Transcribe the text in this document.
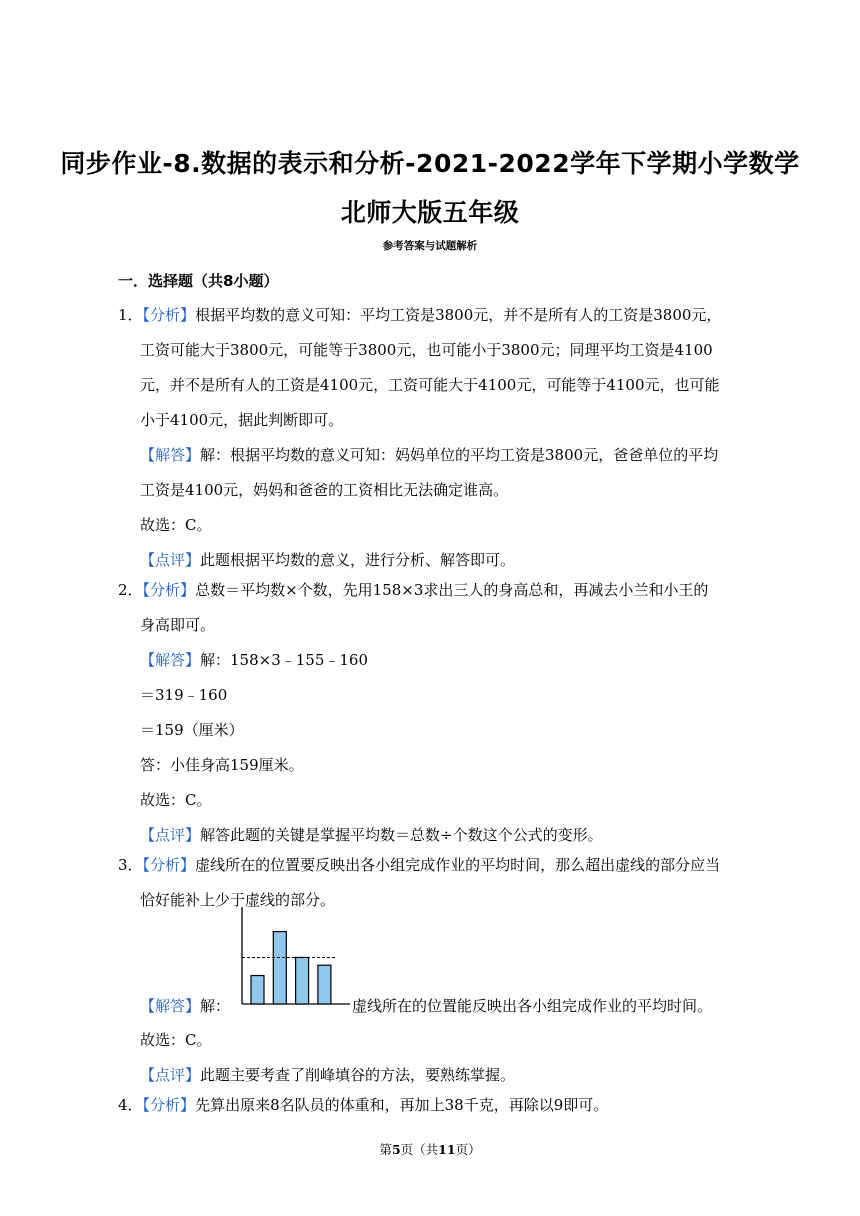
同步作业-8.数据的表示和分析-2021-2022学年下学期小学数学
北师大版五年级
参考答案与试题解析
一．选择题（共8小题）
1．【分析】根据平均数的意义可知：平均工资是3800元，并不是所有人的工资是3800元，
工资可能大于3800元，可能等于3800元，也可能小于3800元；同理平均工资是4100
元，并不是所有人的工资是4100元，工资可能大于4100元，可能等于4100元，也可能
小于4100元，据此判断即可。
【解答】解：根据平均数的意义可知：妈妈单位的平均工资是3800元，爸爸单位的平均
工资是4100元，妈妈和爸爸的工资相比无法确定谁高。
故选：C。
【点评】此题根据平均数的意义，进行分析、解答即可。
2．【分析】总数＝平均数×个数，先用158×3求出三人的身高总和，再减去小兰和小王的
身高即可。
【解答】解：158×3﹣155﹣160
＝319﹣160
＝159（厘米）
答：小佳身高159厘米。
故选：C。
【点评】解答此题的关键是掌握平均数＝总数÷个数这个公式的变形。
3．【分析】虚线所在的位置要反映出各小组完成作业的平均时间，那么超出虚线的部分应当
恰好能补上少于虚线的部分。
【解答】解：	虚线所在的位置能反映出各小组完成作业的平均时间。
故选：C。
【点评】此题主要考查了削峰填谷的方法，要熟练掌握。
4．【分析】先算出原来8名队员的体重和，再加上38千克，再除以9即可。
第5页（共11页）
